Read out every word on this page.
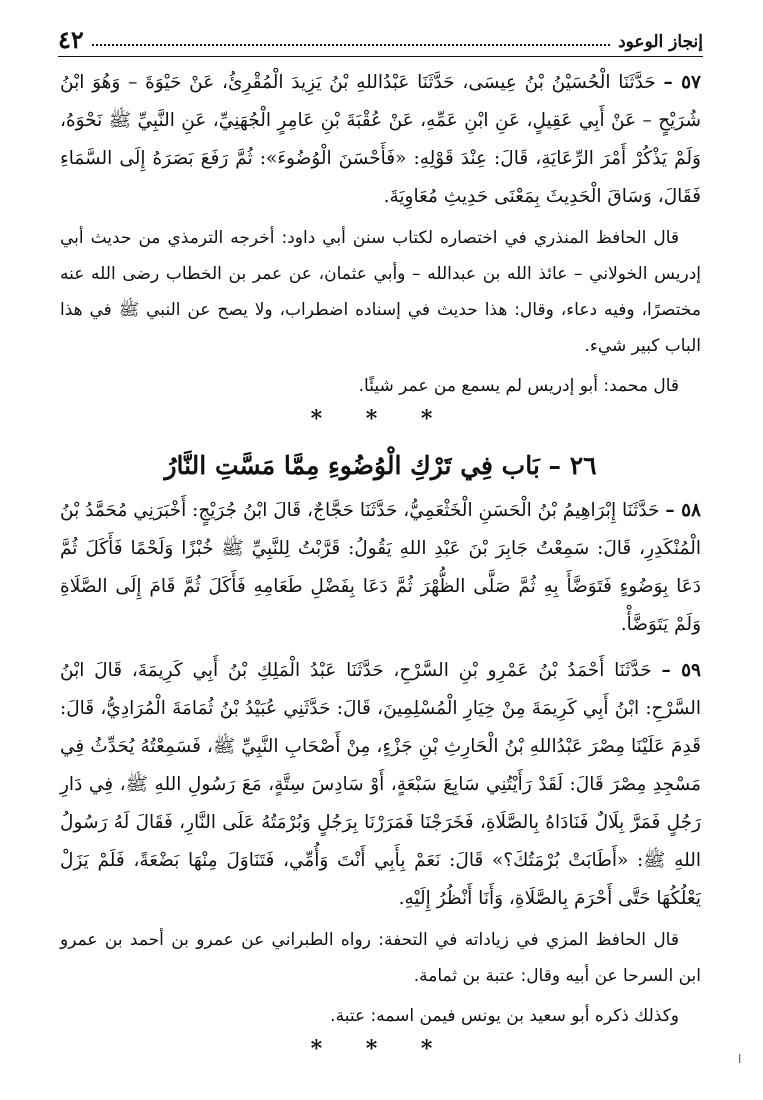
إنجاز الوعود
٤٢

٥٧ – حَدَّثَنَا الْحُسَيْنُ بْنُ عِيسَى، حَدَّثَنَا عَبْدُاللهِ بْنُ يَزِيدَ الْمُقْرِئُ، عَنْ حَيْوَةَ – وَهُوَ ابْنُ شُرَيْحٍ – عَنْ أَبِي عَقِيلٍ، عَنِ ابْنِ عَمِّهِ، عَنْ عُقْبَةَ بْنِ عَامِرٍ الْجُهَنِيِّ، عَنِ النَّبِيِّ ﷺ نَحْوَهُ، وَلَمْ يَذْكُرْ أَمْرَ الرِّعَايَةِ، قَالَ: عِنْدَ قَوْلِهِ: «فَأَحْسَنَ الْوُضُوءَ»: ثُمَّ رَفَعَ بَصَرَهُ إِلَى السَّمَاءِ فَقَالَ، وَسَاقَ الْحَدِيثَ بِمَعْنَى حَدِيثِ مُعَاوِيَةَ.

قال الحافظ المنذري في اختصاره لكتاب سنن أبي داود: أخرجه الترمذي من حديث أبي إدريس الخولاني – عائذ الله بن عبدالله – وأبي عثمان، عن عمر بن الخطاب رضى الله عنه مختصرًا، وفيه دعاء، وقال: هذا حديث في إسناده اضطراب، ولا يصح عن النبي ﷺ في هذا الباب كبير شيء.

قال محمد: أبو إدريس لم يسمع من عمر شيئًا.

* * *

٢٦ – بَاب فِي تَرْكِ الْوُضُوءِ مِمَّا مَسَّتِ النَّارُ

٥٨ – حَدَّثَنَا إِبْرَاهِيمُ بْنُ الْحَسَنِ الْخَثْعَمِيُّ، حَدَّثَنَا حَجَّاجٌ، قَالَ ابْنُ جُرَيْجٍ: أَخْبَرَنِي مُحَمَّدُ بْنُ الْمُنْكَدِرِ، قَالَ: سَمِعْتُ جَابِرَ بْنَ عَبْدِ اللهِ يَقُولُ: قَرَّبْتُ لِلنَّبِيِّ ﷺ خُبْزًا وَلَحْمًا فَأَكَلَ ثُمَّ دَعَا بِوَضُوءٍ فَتَوَضَّأَ بِهِ ثُمَّ صَلَّى الظُّهْرَ ثُمَّ دَعَا بِفَضْلِ طَعَامِهِ فَأَكَلَ ثُمَّ قَامَ إِلَى الصَّلَاةِ وَلَمْ يَتَوَضَّأْ.

٥٩ – حَدَّثَنَا أَحْمَدُ بْنُ عَمْرِو بْنِ السَّرْحِ، حَدَّثَنَا عَبْدُ الْمَلِكِ بْنُ أَبِي كَرِيمَةَ، قَالَ ابْنُ السَّرْحِ: ابْنُ أَبِي كَرِيمَةَ مِنْ خِيَارِ الْمُسْلِمِينَ، قَالَ: حَدَّثَنِي عُبَيْدُ بْنُ ثُمَامَةَ الْمُرَادِيُّ، قَالَ: قَدِمَ عَلَيْنَا مِصْرَ عَبْدُاللهِ بْنُ الْحَارِثِ بْنِ جَزْءٍ، مِنْ أَصْحَابِ النَّبِيِّ ﷺ، فَسَمِعْتُهُ يُحَدِّثُ فِي مَسْجِدِ مِصْرَ قَالَ: لَقَدْ رَأَيْتُنِي سَابِعَ سَبْعَةٍ، أَوْ سَادِسَ سِتَّةٍ، مَعَ رَسُولِ اللهِ ﷺ، فِي دَارِ رَجُلٍ فَمَرَّ بِلَالٌ فَنَادَاهُ بِالصَّلَاةِ، فَخَرَجْنَا فَمَرَرْنَا بِرَجُلٍ وَبُرْمَتُهُ عَلَى النَّارِ، فَقَالَ لَهُ رَسُولُ اللهِ ﷺ: «أَطَابَتْ بُرْمَتُكَ؟» قَالَ: نَعَمْ بِأَبِي أَنْتَ وَأُمِّي، فَتَنَاوَلَ مِنْهَا بَضْعَةً، فَلَمْ يَزَلْ يَعْلُكُهَا حَتَّى أَحْرَمَ بِالصَّلَاةِ، وَأَنَا أَنْظُرُ إِلَيْهِ.

قال الحافظ المزي في زياداته في التحفة: رواه الطبراني عن عمرو بن أحمد بن عمرو ابن السرحا عن أبيه وقال: عتبة بن ثمامة.

وكذلك ذكره أبو سعيد بن يونس فيمن اسمه: عتبة.

* * *	ا
